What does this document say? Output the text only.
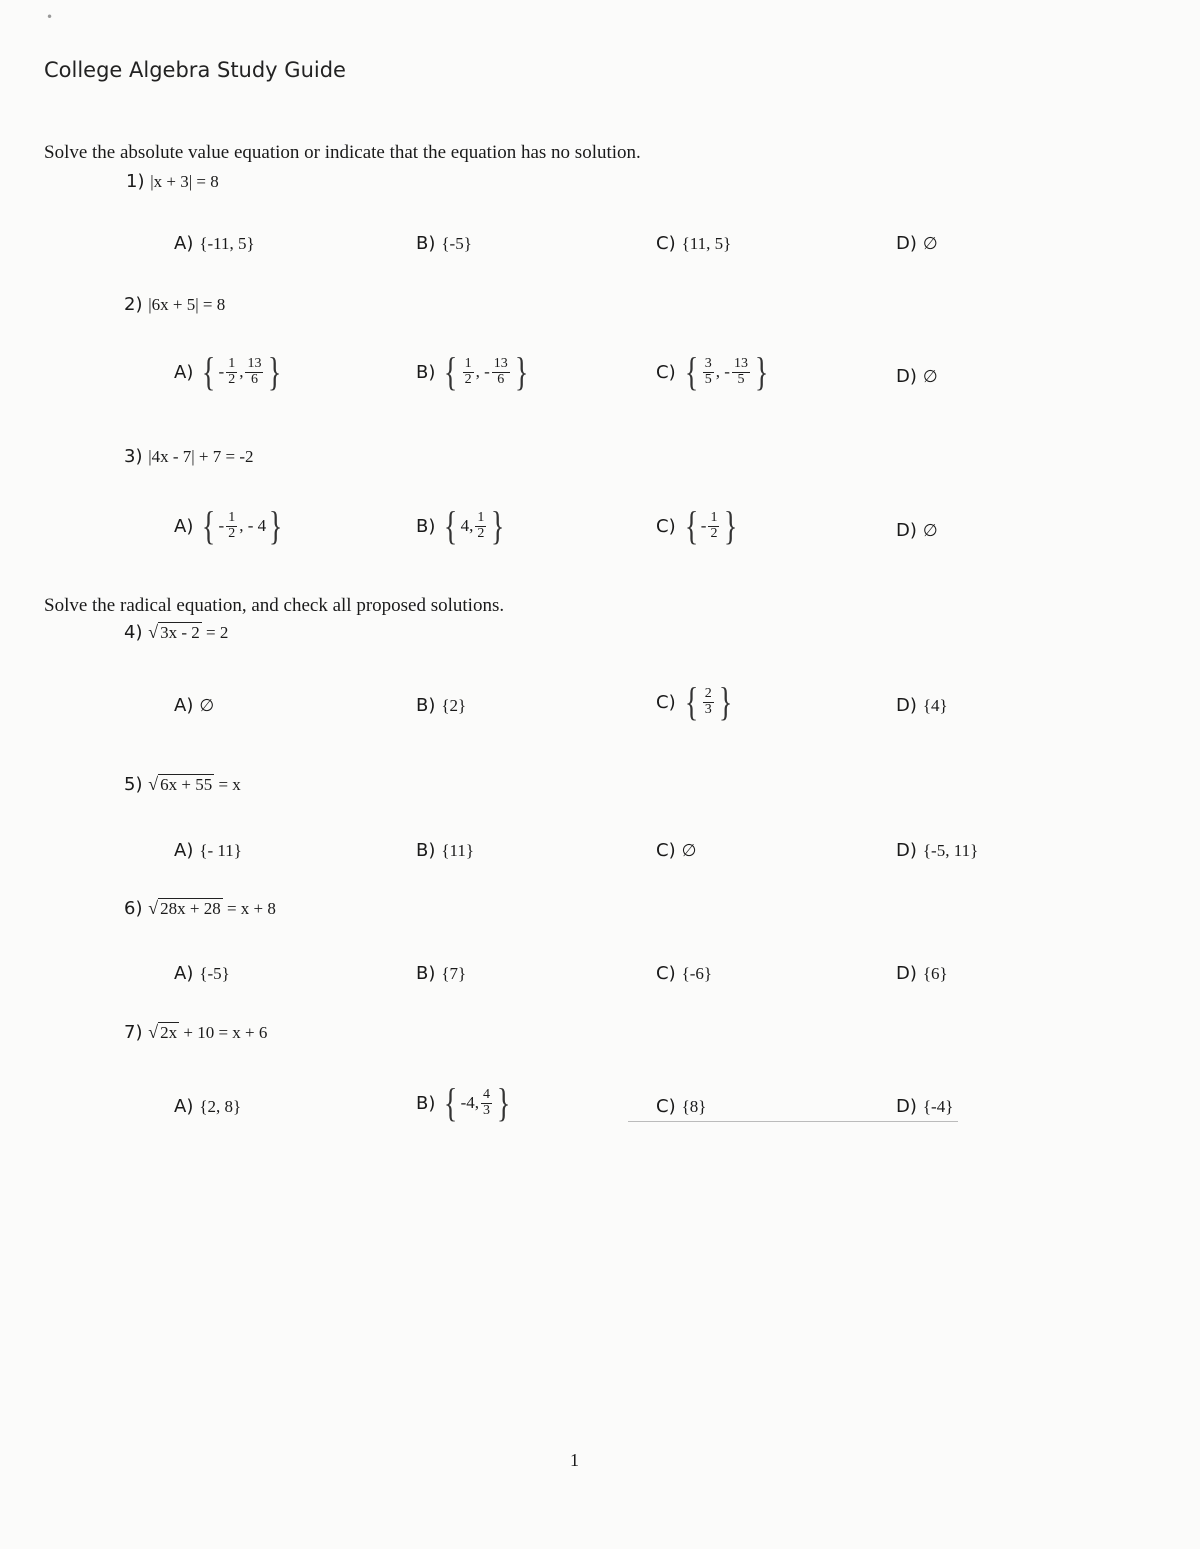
•
College Algebra Study Guide
Solve the absolute value equation or indicate that the equation has no solution.
1) |x + 3| = 8
A) {-11, 5}	B) {-5}	C) {11, 5}	D) ∅
2) |6x + 5| = 8
A) { - $\frac{1}{2}$ , $\frac{13}{6}$ }	B) { $\frac{1}{2}$ , - $\frac{13}{6}$ }	C) { $\frac{3}{5}$ , - $\frac{13}{5}$ }	D) ∅
3) |4x - 7| + 7 = -2
A) { - $\frac{1}{2}$ , - 4 }	B) { 4, $\frac{1}{2}$ }	C) { - $\frac{1}{2}$ }	D) ∅
Solve the radical equation, and check all proposed solutions.
4) √ 3x - 2 = 2
A) ∅	B) {2}	C) { $\frac{2}{3}$ }	D) {4}
5) √ 6x + 55 = x
A) {- 11}	B) {11}	C) ∅	D) {-5, 11}
6) √ 28x + 28 = x + 8
A) {-5}	B) {7}	C) {-6}	D) {6}
7) √ 2x + 10 = x + 6
A) {2, 8}	B) { -4, $\frac{4}{3}$ }	C) {8}	D) {-4}
1
